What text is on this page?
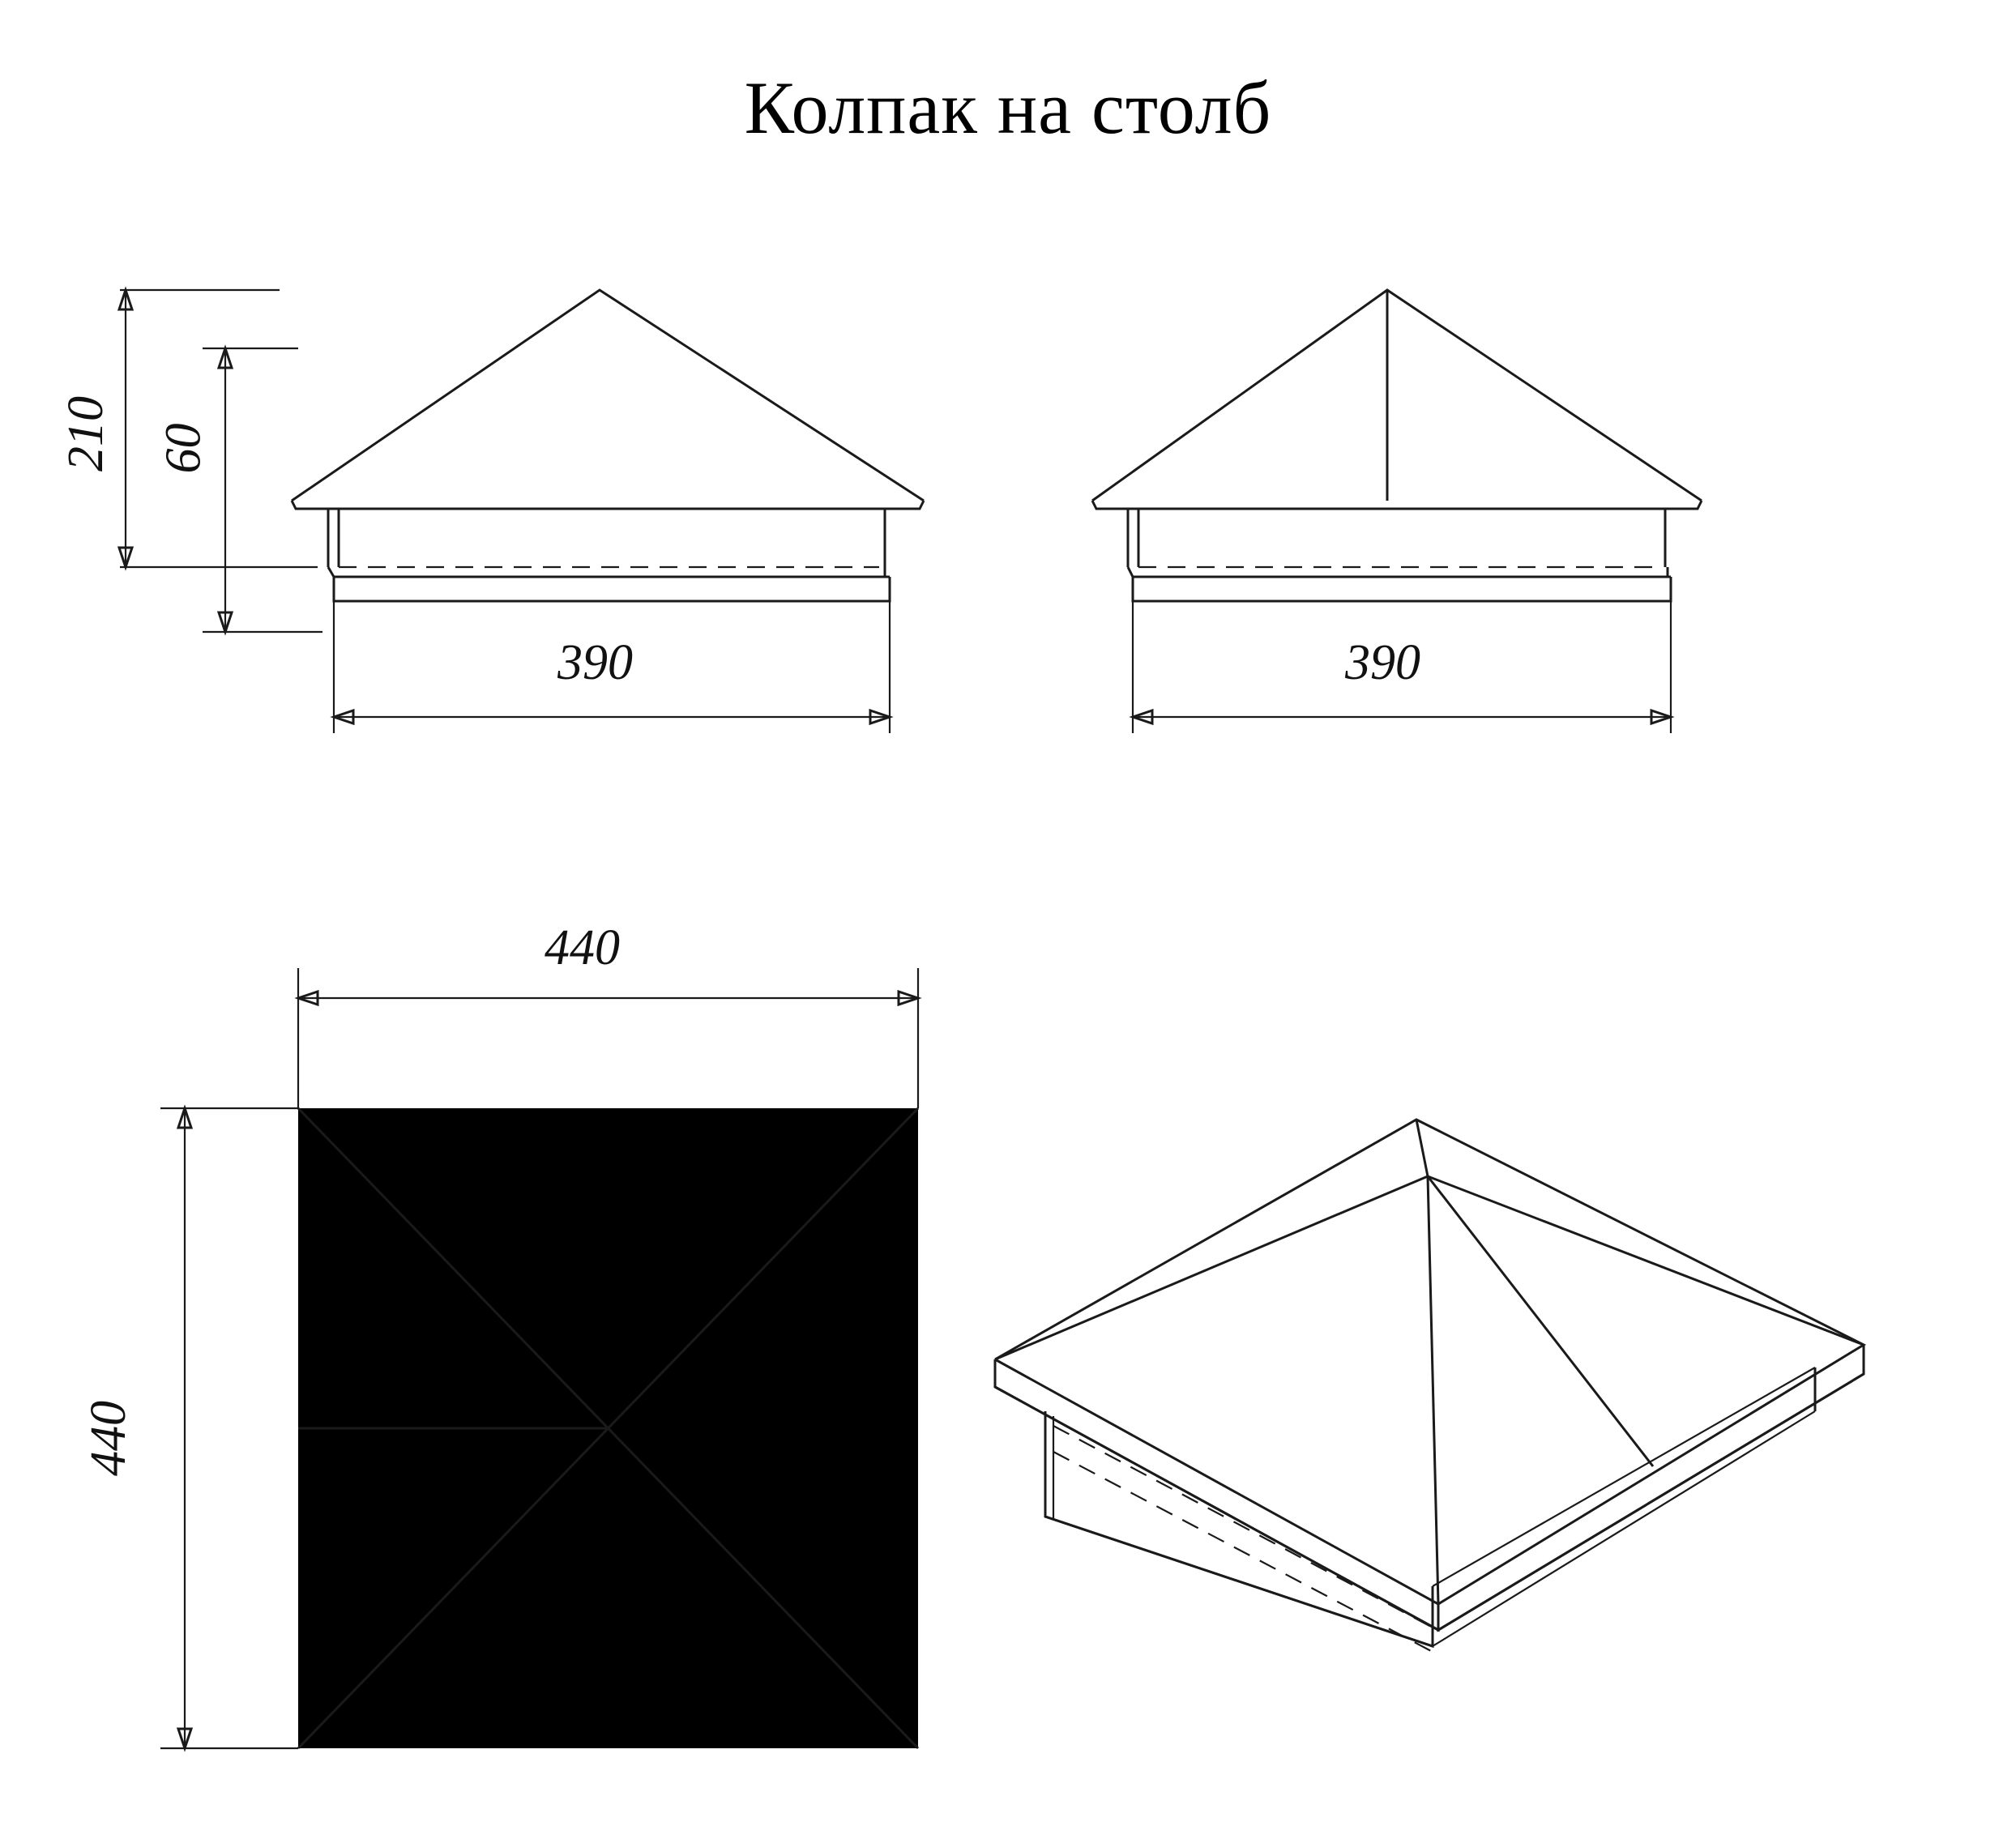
Колпак на столб
210 60
390	390
440
440
